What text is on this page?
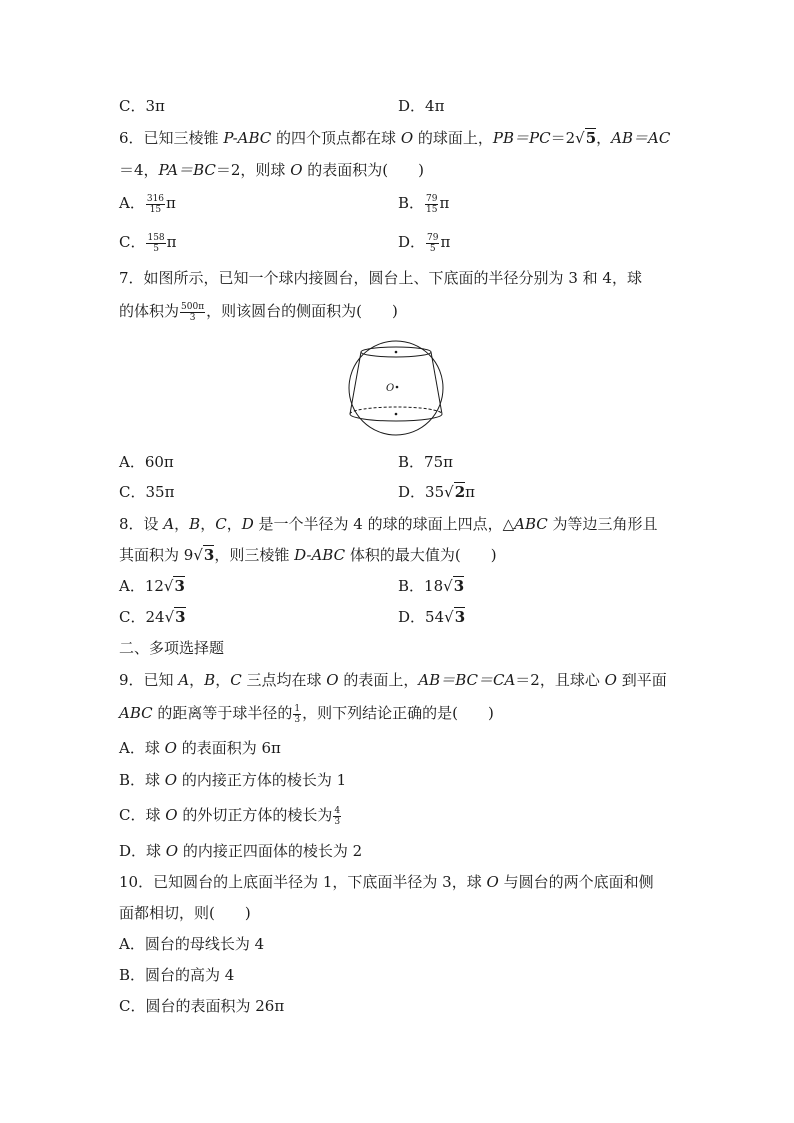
C．3π	D．4π
6．已知三棱锥 P-ABC 的四个顶点都在球 O 的球面上，PB＝PC＝2√5，AB＝AC
＝4，PA＝BC＝2，则球 O 的表面积为(　　)
A． $\frac{316}{15}$ π	B． $\frac{79}{15}$ π
C． $\frac{158}{5}$ π	D． $\frac{79}{5}$ π
7．如图所示，已知一个球内接圆台，圆台上、下底面的半径分别为 3 和 4，球
的体积为 $\frac{500\pi}{3}$ ，则该圆台的侧面积为(　　)
O
A．60π	B．75π
C．35π	D．35√2π
8．设 A，B，C，D 是一个半径为 4 的球的球面上四点，△ABC 为等边三角形且
其面积为 9√3，则三棱锥 D-ABC 体积的最大值为(　　)
A．12√3	B．18√3
C．24√3	D．54√3
二、多项选择题
9．已知 A，B，C 三点均在球 O 的表面上，AB＝BC＝CA＝2，且球心 O 到平面
ABC 的距离等于球半径的 $\frac{1}{3}$ ，则下列结论正确的是(　　)
A．球 O 的表面积为 6π
B．球 O 的内接正方体的棱长为 1
C．球 O 的外切正方体的棱长为 $\frac{4}{3}$
D．球 O 的内接正四面体的棱长为 2
10．已知圆台的上底面半径为 1，下底面半径为 3，球 O 与圆台的两个底面和侧
面都相切，则(　　)
A．圆台的母线长为 4
B．圆台的高为 4
C．圆台的表面积为 26π
